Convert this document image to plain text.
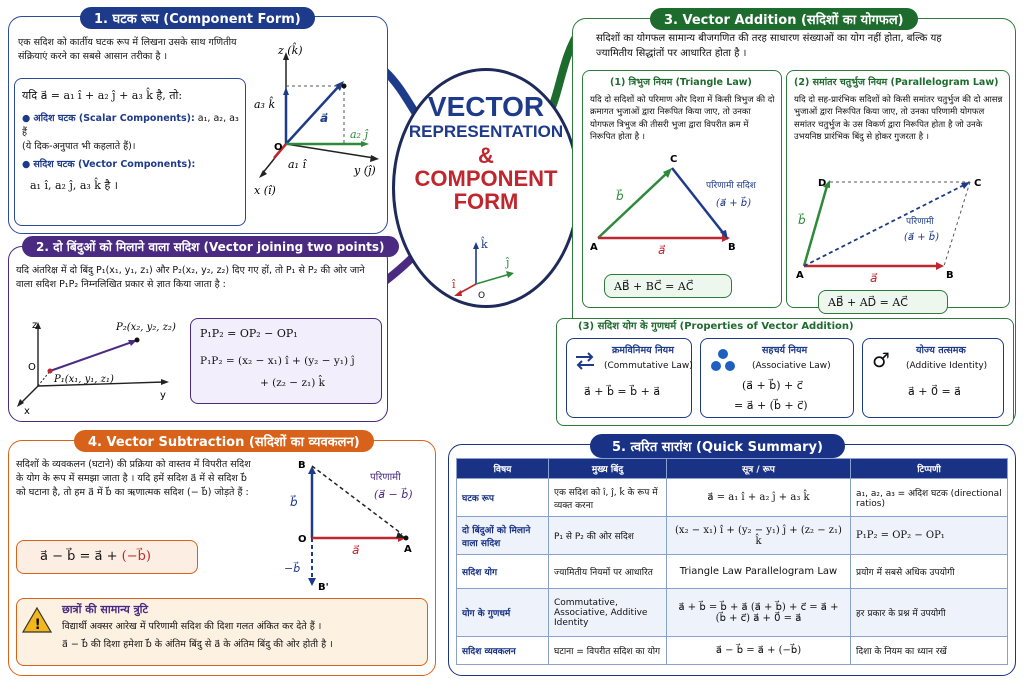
VECTOR
REPRESENTATION
&
COMPONENT
FORM
k̂
ĵ
î
O
1. घटक रूप (Component Form)
एक सदिश को कार्तीय घटक रूप में लिखना उसके साथ गणितीय संक्रियाएं करने का सबसे आसान तरीका है ।
यदि a⃗ = a₁ î + a₂ ĵ + a₃ k̂ है, तो:
● अदिश घटक (Scalar Components): a₁, a₂, a₃ हैं
(ये दिक-अनुपात भी कहलाते हैं)।
● सदिश घटक (Vector Components):
a₁ î, a₂ ĵ, a₃ k̂ है ।
z (k̂)
x (î)
y (ĵ)
a₃ k̂
a₂ ĵ
a₁ î
a⃗
O
2. दो बिंदुओं को मिलाने वाला सदिश (Vector joining two points)
यदि अंतरिक्ष में दो बिंदु P₁(x₁, y₁, z₁) और P₂(x₂, y₂, z₂) दिए गए हों, तो P₁ से P₂ की ओर जाने वाला सदिश P₁P₂ निम्नलिखित प्रकार से ज्ञात किया जाता है :
z
y
x
O
P₂(x₂, y₂, z₂)
P₁(x₁, y₁, z₁)
P₁P₂ = OP₂ − OP₁
P₁P₂ = (x₂ − x₁) î + (y₂ − y₁) ĵ
+ (z₂ − z₁) k̂
3. Vector Addition (सदिशों का योगफल)
सदिशों का योगफल सामान्य बीजगणित की तरह साधारण संख्याओं का योग नहीं होता, बल्कि यह ज्यामितीय सिद्धांतों पर आधारित होता है ।
(1) त्रिभुज नियम (Triangle Law)
यदि दो सदिशों को परिमाण और दिशा में किसी त्रिभुज की दो क्रमागत भुजाओं द्वारा निरूपित किया जाए, तो उनका योगफल त्रिभुज की तीसरी भुजा द्वारा विपरीत क्रम में निरूपित होता है ।
A	B
C
b⃗
a⃗
परिणामी सदिश
(a⃗ + b⃗)
AB⃗ + BC⃗ = AC⃗
(2) समांतर चतुर्भुज नियम (Parallelogram Law)
यदि दो सह-प्रारंभिक सदिशों को किसी समांतर चतुर्भुज की दो आसन्न भुजाओं द्वारा निरूपित किया जाए, तो उनका परिणामी योगफल समांतर चतुर्भुज के उस विकर्ण द्वारा निरूपित होता है जो उनके उभयनिष्ठ प्रारंभिक बिंदु से होकर गुजरता है ।
A	B
C
D
b⃗
a⃗
परिणामी
(a⃗ + b⃗)
AB⃗ + AD⃗ = AC⃗
(3) सदिश योग के गुणधर्म (Properties of Vector Addition)
क्रमविनिमय नियम
(Commutative Law)
a⃗ + b⃗ = b⃗ + a⃗
सहचर्य नियम
(Associative Law)
(a⃗ + b⃗) + c⃗
= a⃗ + (b⃗ + c⃗)
♂	योज्य तत्समक
(Additive Identity)
a⃗ + 0⃗ = a⃗
4. Vector Subtraction (सदिशों का व्यवकलन)
सदिशों के व्यवकलन (घटाने) की प्रक्रिया को वास्तव में विपरीत सदिश के योग के रूप में समझा जाता है । यदि हमें सदिश a⃗ में से सदिश b⃗ को घटाना है, तो हम a⃗ में b⃗ का ऋणात्मक सदिश (− b⃗) जोड़ते हैं :
a⃗ − b⃗ = a⃗ + (−b⃗)
B
O
A
B'
b⃗
−b⃗
a⃗
परिणामी
(a⃗ − b⃗)
!
छात्रों की सामान्य त्रुटि
विद्यार्थी अक्सर आरेख में परिणामी सदिश की दिशा गलत अंकित कर देते हैं ।
a⃗ − b⃗ की दिशा हमेशा b⃗ के अंतिम बिंदु से a⃗ के अंतिम बिंदु की ओर होती है ।
5. त्वरित सारांश (Quick Summary)
विषय	मुख्य बिंदु	सूत्र / रूप	टिप्पणी
घटक रूप	एक सदिश को î, ĵ, k̂ के रूप में व्यक्त करना	a⃗ = a₁ î + a₂ ĵ + a₃ k̂	a₁, a₂, a₃ = अदिश घटक (directional ratios)
दो बिंदुओं को मिलाने वाला सदिश	P₁ से P₂ की ओर सदिश	(x₂ − x₁) î + (y₂ − y₁) ĵ + (z₂ − z₁) k̂	P₁P₂ = OP₂ − OP₁
सदिश योग	ज्यामितीय नियमों पर आधारित	Triangle Law Parallelogram Law	प्रयोग में सबसे अधिक उपयोगी
योग के गुणधर्म	Commutative, Associative, Additive Identity	a⃗ + b⃗ = b⃗ + a⃗ (a⃗ + b⃗) + c⃗ = a⃗ + (b⃗ + c⃗) a⃗ + 0⃗ = a⃗	हर प्रकार के प्रश्न में उपयोगी
सदिश व्यवकलन	घटाना = विपरीत सदिश का योग	a⃗ − b⃗ = a⃗ + (−b⃗)	दिशा के नियम का ध्यान रखें
